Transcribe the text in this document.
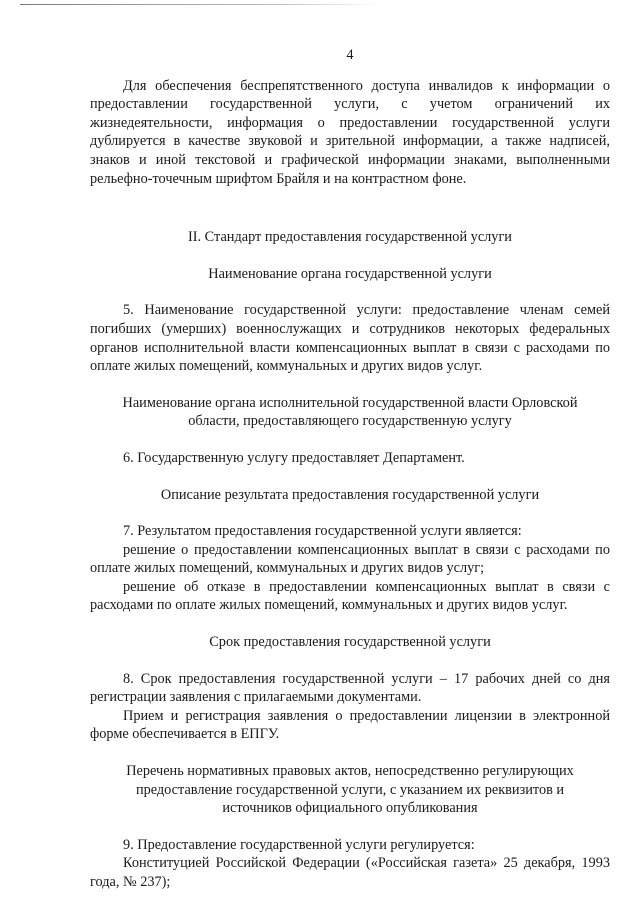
4

Для обеспечения беспрепятственного доступа инвалидов к информации о предоставлении государственной услуги, с учетом ограничений их жизнедеятельности, информация о предоставлении государственной услуги дублируется в качестве звуковой и зрительной информации, а также надписей, знаков и иной текстовой и графической информации знаками, выполненными рельефно-точечным шрифтом Брайля и на контрастном фоне.

II. Стандарт предоставления государственной услуги

Наименование органа государственной услуги

5. Наименование государственной услуги: предоставление членам семей погибших (умерших) военнослужащих и сотрудников некоторых федеральных органов исполнительной власти компенсационных выплат в связи с расходами по оплате жилых помещений, коммунальных и других видов услуг.

Наименование органа исполнительной государственной власти Орловской области, предоставляющего государственную услугу

6. Государственную услугу предоставляет Департамент.

Описание результата предоставления государственной услуги

7. Результатом предоставления государственной услуги является:

решение о предоставлении компенсационных выплат в связи с расходами по оплате жилых помещений, коммунальных и других видов услуг;

решение об отказе в предоставлении компенсационных выплат в связи с расходами по оплате жилых помещений, коммунальных и других видов услуг.

Срок предоставления государственной услуги

8. Срок предоставления государственной услуги – 17 рабочих дней со дня регистрации заявления с прилагаемыми документами.

Прием и регистрация заявления о предоставлении лицензии в электронной форме обеспечивается в ЕПГУ.

Перечень нормативных правовых актов, непосредственно регулирующих предоставление государственной услуги, с указанием их реквизитов и источников официального опубликования

9. Предоставление государственной услуги регулируется:

Конституцией Российской Федерации («Российская газета» 25 декабря, 1993 года, № 237);
